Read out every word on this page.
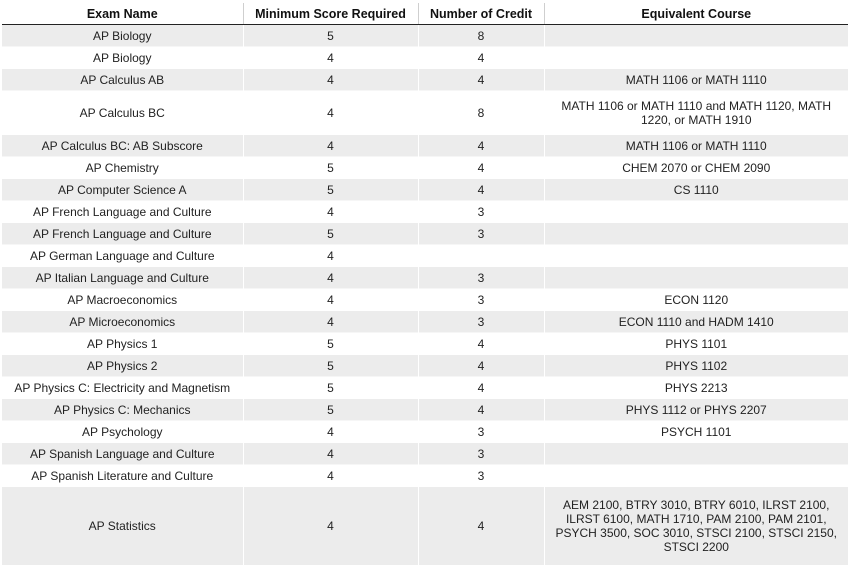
Exam Name	Minimum Score Required	Number of Credit	Equivalent Course
AP Biology	5	8	
AP Biology	4	4	
AP Calculus AB	4	4	MATH 1106 or MATH 1110
AP Calculus BC	4	8	MATH 1106 or MATH 1110 and MATH 1120, MATH 1220, or MATH 1910
AP Calculus BC: AB Subscore	4	4	MATH 1106 or MATH 1110
AP Chemistry	5	4	CHEM 2070 or CHEM 2090
AP Computer Science A	5	4	CS 1110
AP French Language and Culture	4	3	
AP French Language and Culture	5	3	
AP German Language and Culture	4		
AP Italian Language and Culture	4	3	
AP Macroeconomics	4	3	ECON 1120
AP Microeconomics	4	3	ECON 1110 and HADM 1410
AP Physics 1	5	4	PHYS 1101
AP Physics 2	5	4	PHYS 1102
AP Physics C: Electricity and Magnetism	5	4	PHYS 2213
AP Physics C: Mechanics	5	4	PHYS 1112 or PHYS 2207
AP Psychology	4	3	PSYCH 1101
AP Spanish Language and Culture	4	3	
AP Spanish Literature and Culture	4	3	
AP Statistics	4	4	AEM 2100, BTRY 3010, BTRY 6010, ILRST 2100, ILRST 6100, MATH 1710, PAM 2100, PAM 2101, PSYCH 3500, SOC 3010, STSCI 2100, STSCI 2150, STSCI 2200
